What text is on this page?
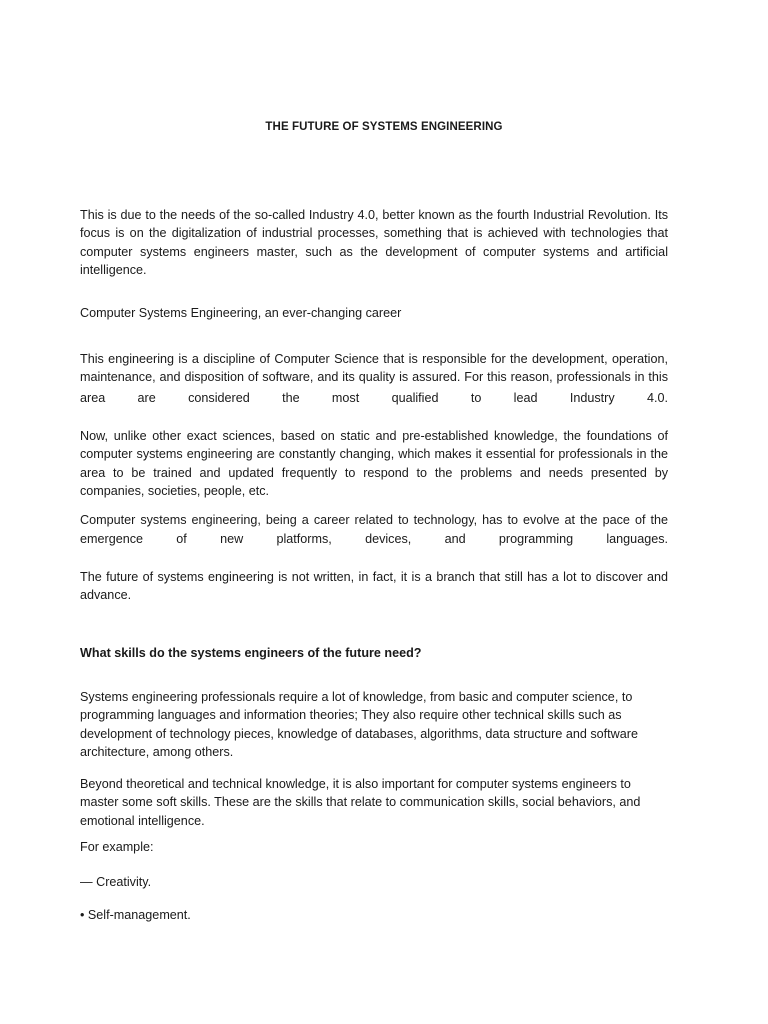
THE FUTURE OF SYSTEMS ENGINEERING

This is due to the needs of the so-called Industry 4.0, better known as the fourth Industrial Revolution. Its focus is on the digitalization of industrial processes, something that is achieved with technologies that computer systems engineers master, such as the development of computer systems and artificial intelligence.

Computer Systems Engineering, an ever-changing career

This engineering is a discipline of Computer Science that is responsible for the development, operation, maintenance, and disposition of software, and its quality is assured. For this reason, professionals in this

area are considered the most qualified to lead Industry 4.0.

Now, unlike other exact sciences, based on static and pre-established knowledge, the foundations of computer systems engineering are constantly changing, which makes it essential for professionals in the area to be trained and updated frequently to respond to the problems and needs presented by companies, societies, people, etc.

Computer systems engineering, being a career related to technology, has to evolve at the pace of the

emergence of new platforms, devices, and programming languages.

The future of systems engineering is not written, in fact, it is a branch that still has a lot to discover and advance.

What skills do the systems engineers of the future need?

Systems engineering professionals require a lot of knowledge, from basic and computer science, to programming languages and information theories; They also require other technical skills such as development of technology pieces, knowledge of databases, algorithms, data structure and software architecture, among others.

Beyond theoretical and technical knowledge, it is also important for computer systems engineers to master some soft skills. These are the skills that relate to communication skills, social behaviors, and emotional intelligence.

For example:

— Creativity.

• Self-management.
